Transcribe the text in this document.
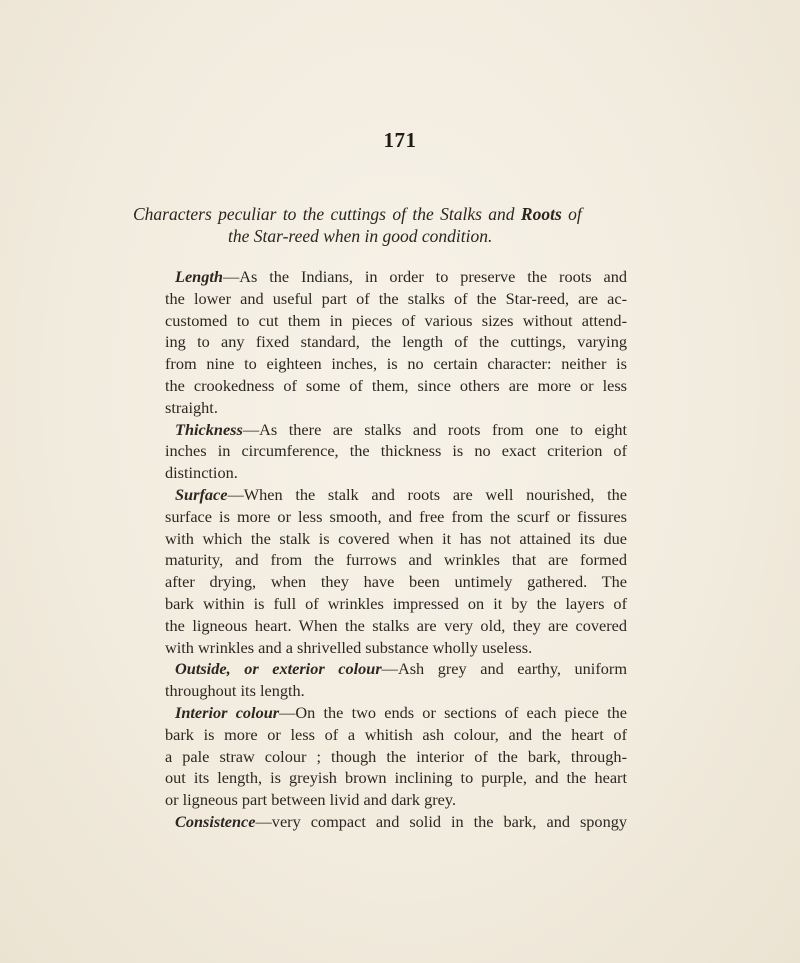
171
Characters peculiar to the cuttings of the Stalks and Roots of
the Star-reed when in good condition.
Length—As the Indians, in order to preserve the roots and
the lower and useful part of the stalks of the Star-reed, are ac-
customed to cut them in pieces of various sizes without attend-
ing to any fixed standard, the length of the cuttings, varying
from nine to eighteen inches, is no certain character: neither is
the crookedness of some of them, since others are more or less
straight.
Thickness—As there are stalks and roots from one to eight
inches in circumference, the thickness is no exact criterion of
distinction.
Surface—When the stalk and roots are well nourished, the
surface is more or less smooth, and free from the scurf or fissures
with which the stalk is covered when it has not attained its due
maturity, and from the furrows and wrinkles that are formed
after drying, when they have been untimely gathered. The
bark within is full of wrinkles impressed on it by the layers of
the ligneous heart. When the stalks are very old, they are covered
with wrinkles and a shrivelled substance wholly useless.
Outside, or exterior colour—Ash grey and earthy, uniform
throughout its length.
Interior colour—On the two ends or sections of each piece the
bark is more or less of a whitish ash colour, and the heart of
a pale straw colour ; though the interior of the bark, through-
out its length, is greyish brown inclining to purple, and the heart
or ligneous part between livid and dark grey.
Consistence—very compact and solid in the bark, and spongy
